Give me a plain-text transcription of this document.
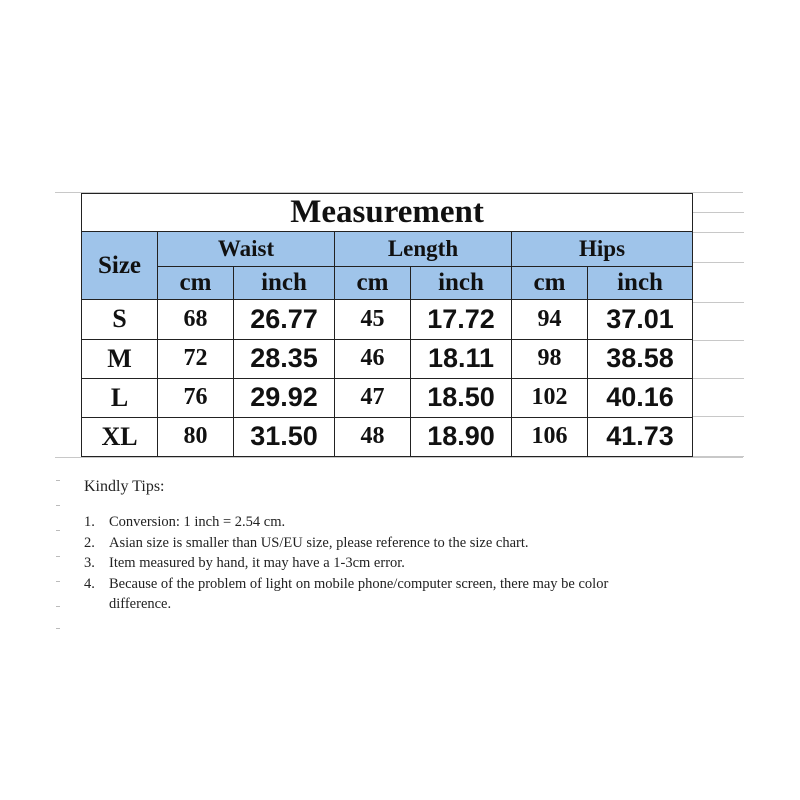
Measurement						
Size	Waist		Length		Hips	
	cm	inch	cm	inch	cm	inch
S	68	26.77	45	17.72	94	37.01
M	72	28.35	46	18.11	98	38.58
L	76	29.92	47	18.50	102	40.16
XL	80	31.50	48	18.90	106	41.73
Kindly Tips:
1. Conversion: 1 inch = 2.54 cm.
2. Asian size is smaller than US/EU size, please reference to the size chart.
3. Item measured by hand, it may have a 1-3cm error.
4. Because of the problem of light on mobile phone/computer screen, there may be color difference.
